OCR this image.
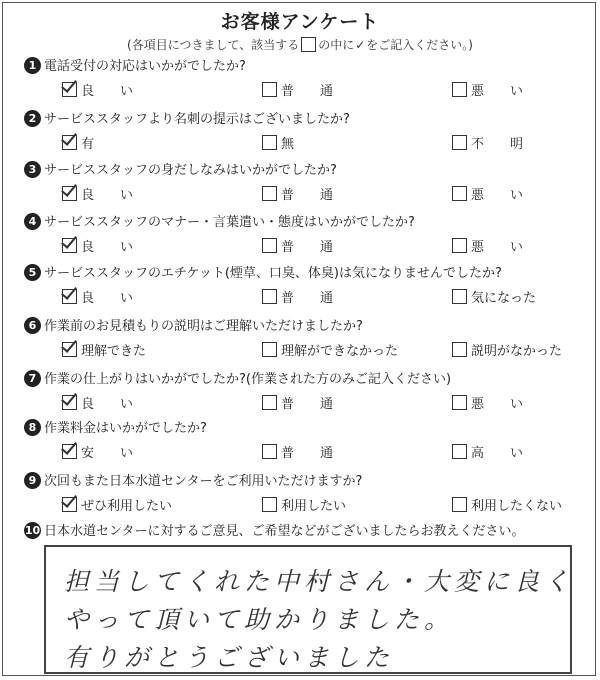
お客様アンケート
(各項目につきまして、該当する の中に✓をご記入ください。)
1 電話受付の対応はいかがでしたか?
良　　い	普　　通	悪　　い
2 サービススタッフより名刺の提示はございましたか?
有	無	不　　明
3 サービススタッフの身だしなみはいかがでしたか?
良　　い	普　　通	悪　　い
4 サービススタッフのマナー・言葉遣い・態度はいかがでしたか?
良　　い	普　　通	悪　　い
5 サービススタッフのエチケット(煙草、口臭、体臭)は気になりませんでしたか?
良　　い	普　　通	気になった
6 作業前のお見積もりの説明はご理解いただけましたか?
理解できた	理解ができなかった	説明がなかった
7 作業の仕上がりはいかがでしたか?(作業された方のみご記入ください)
良　　い	普　　通	悪　　い
8 作業料金はいかがでしたか?
安　　い	普　　通	高　　い
9 次回もまた日本水道センターをご利用いただけますか?
ぜひ利用したい	利用したい	利用したくない
10 日本水道センターに対するご意見、ご希望などがございましたらお教えください。
担当してくれた中村さん・大変に良く
やって頂いて助かりました。
有りがとうございました
